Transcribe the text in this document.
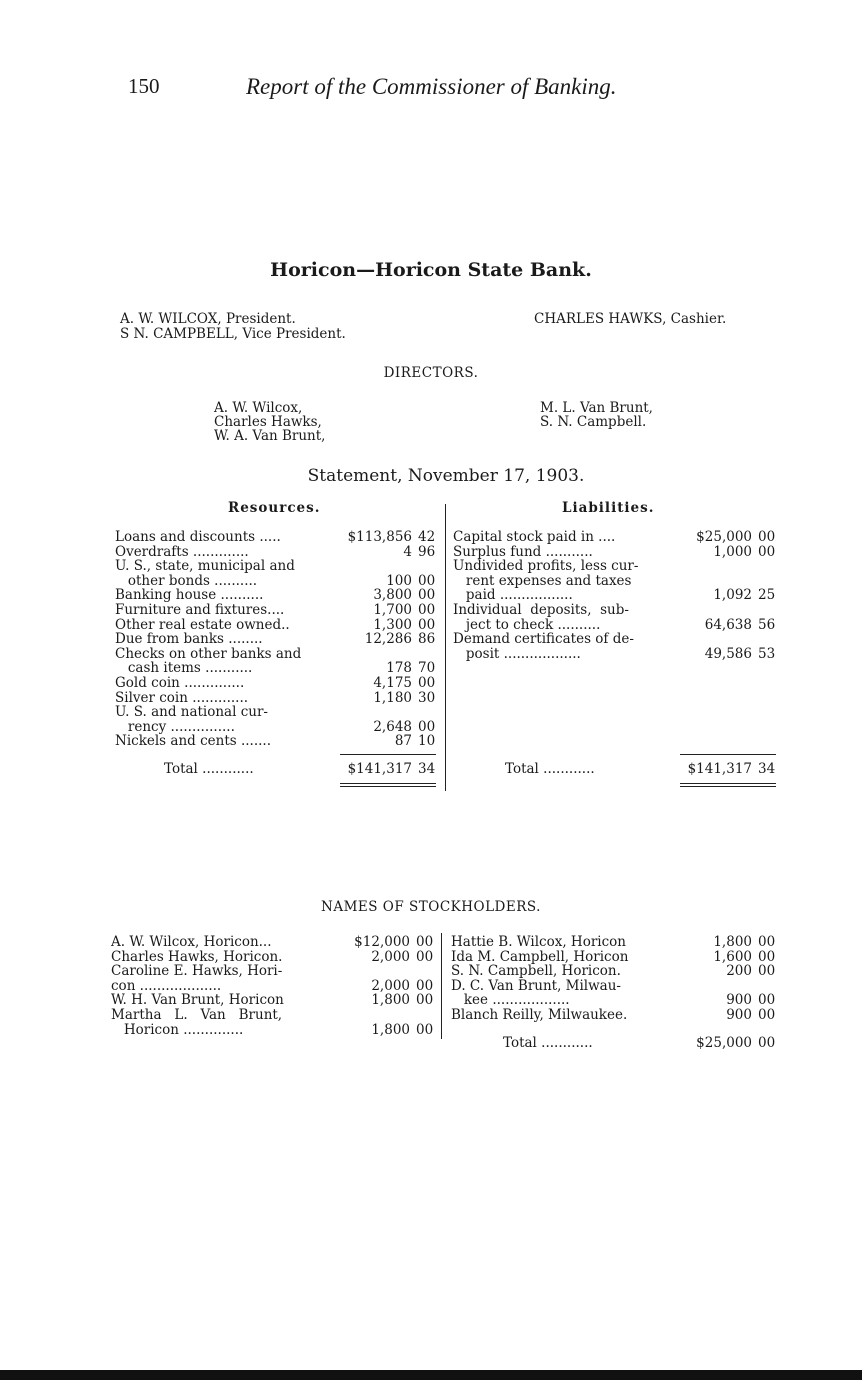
150	Report of the Commissioner of Banking.
Horicon—Horicon State Bank.
A. W. WILCOX, President.
S N. CAMPBELL, Vice President.
CHARLES HAWKS, Cashier.
DIRECTORS.
A. W. Wilcox,
Charles Hawks,
W. A. Van Brunt,
M. L. Van Brunt,
S. N. Campbell.
Statement, November 17, 1903.
Resources.	Liabilities.
Loans and discounts .....	$113,856 42
Overdrafts .............	4 96
U. S., state, municipal and
other bonds ..........	100 00
Banking house ..........	3,800 00
Furniture and fixtures....	1,700 00
Other real estate owned..	1,300 00
Due from banks ........	12,286 86
Checks on other banks and
cash items ...........	178 70
Gold coin ..............	4,175 00
Silver coin .............	1,180 30
U. S. and national cur-
rency ...............	2,648 00
Nickels and cents .......	87 10
Capital stock paid in ....	$25,000 00
Surplus fund ...........	1,000 00
Undivided profits, less cur-
rent expenses and taxes
paid .................	1,092 25
Individual  deposits,  sub-
ject to check ..........	64,638 56
Demand certificates of de-
posit ..................	49,586 53
Total ............	$141,317 34	Total ............	$141,317 34
NAMES OF STOCKHOLDERS.
A. W. Wilcox, Horicon...	$12,000 00
Charles Hawks, Horicon.	2,000 00
Caroline E. Hawks, Hori-
con ...................	2,000 00
W. H. Van Brunt, Horicon	1,800 00
Martha   L.   Van   Brunt,
Horicon ..............	1,800 00
Hattie B. Wilcox, Horicon	1,800 00
Ida M. Campbell, Horicon	1,600 00
S. N. Campbell, Horicon.	200 00
D. C. Van Brunt, Milwau-
kee ..................	900 00
Blanch Reilly, Milwaukee.	900 00
Total ............	$25,000 00
